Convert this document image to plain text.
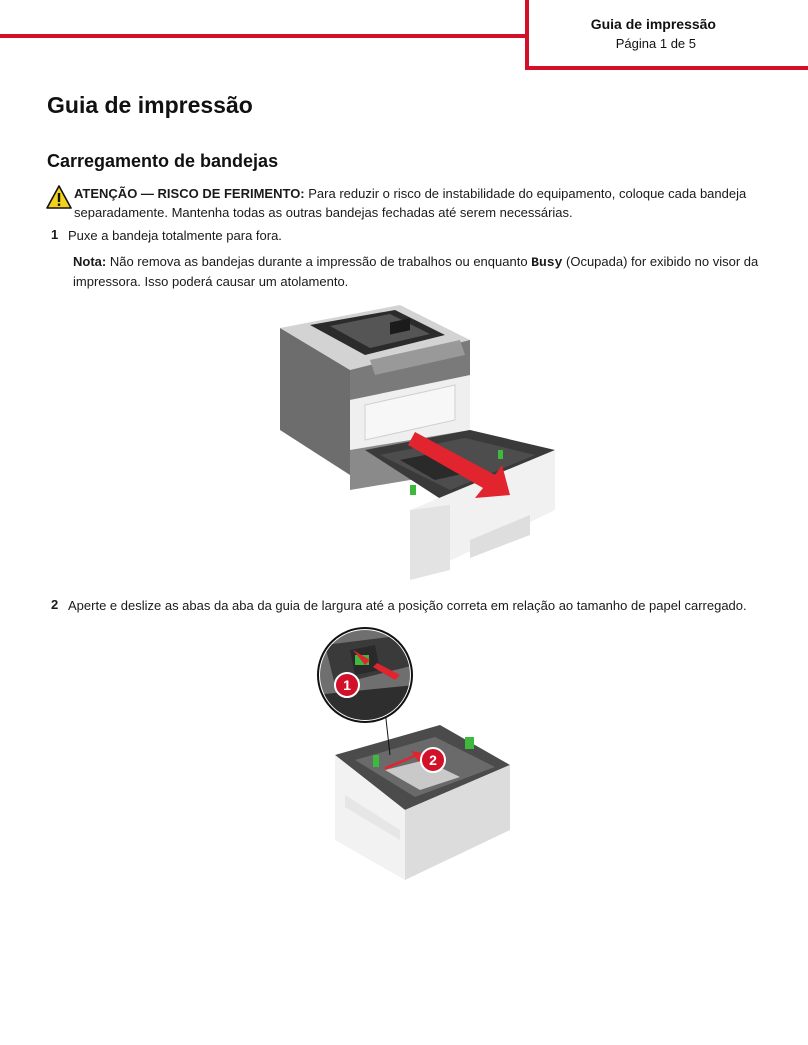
Guia de impressão
Página 1 de 5
Guia de impressão
Carregamento de bandejas
ATENÇÃO — RISCO DE FERIMENTO: Para reduzir o risco de instabilidade do equipamento, coloque cada bandeja separadamente. Mantenha todas as outras bandejas fechadas até serem necessárias.
1 Puxe a bandeja totalmente para fora.
Nota: Não remova as bandejas durante a impressão de trabalhos ou enquanto Busy (Ocupada) for exibido no visor da impressora. Isso poderá causar um atolamento.
2 Aperte e deslize as abas da aba da guia de largura até a posição correta em relação ao tamanho de papel carregado.
1
2
